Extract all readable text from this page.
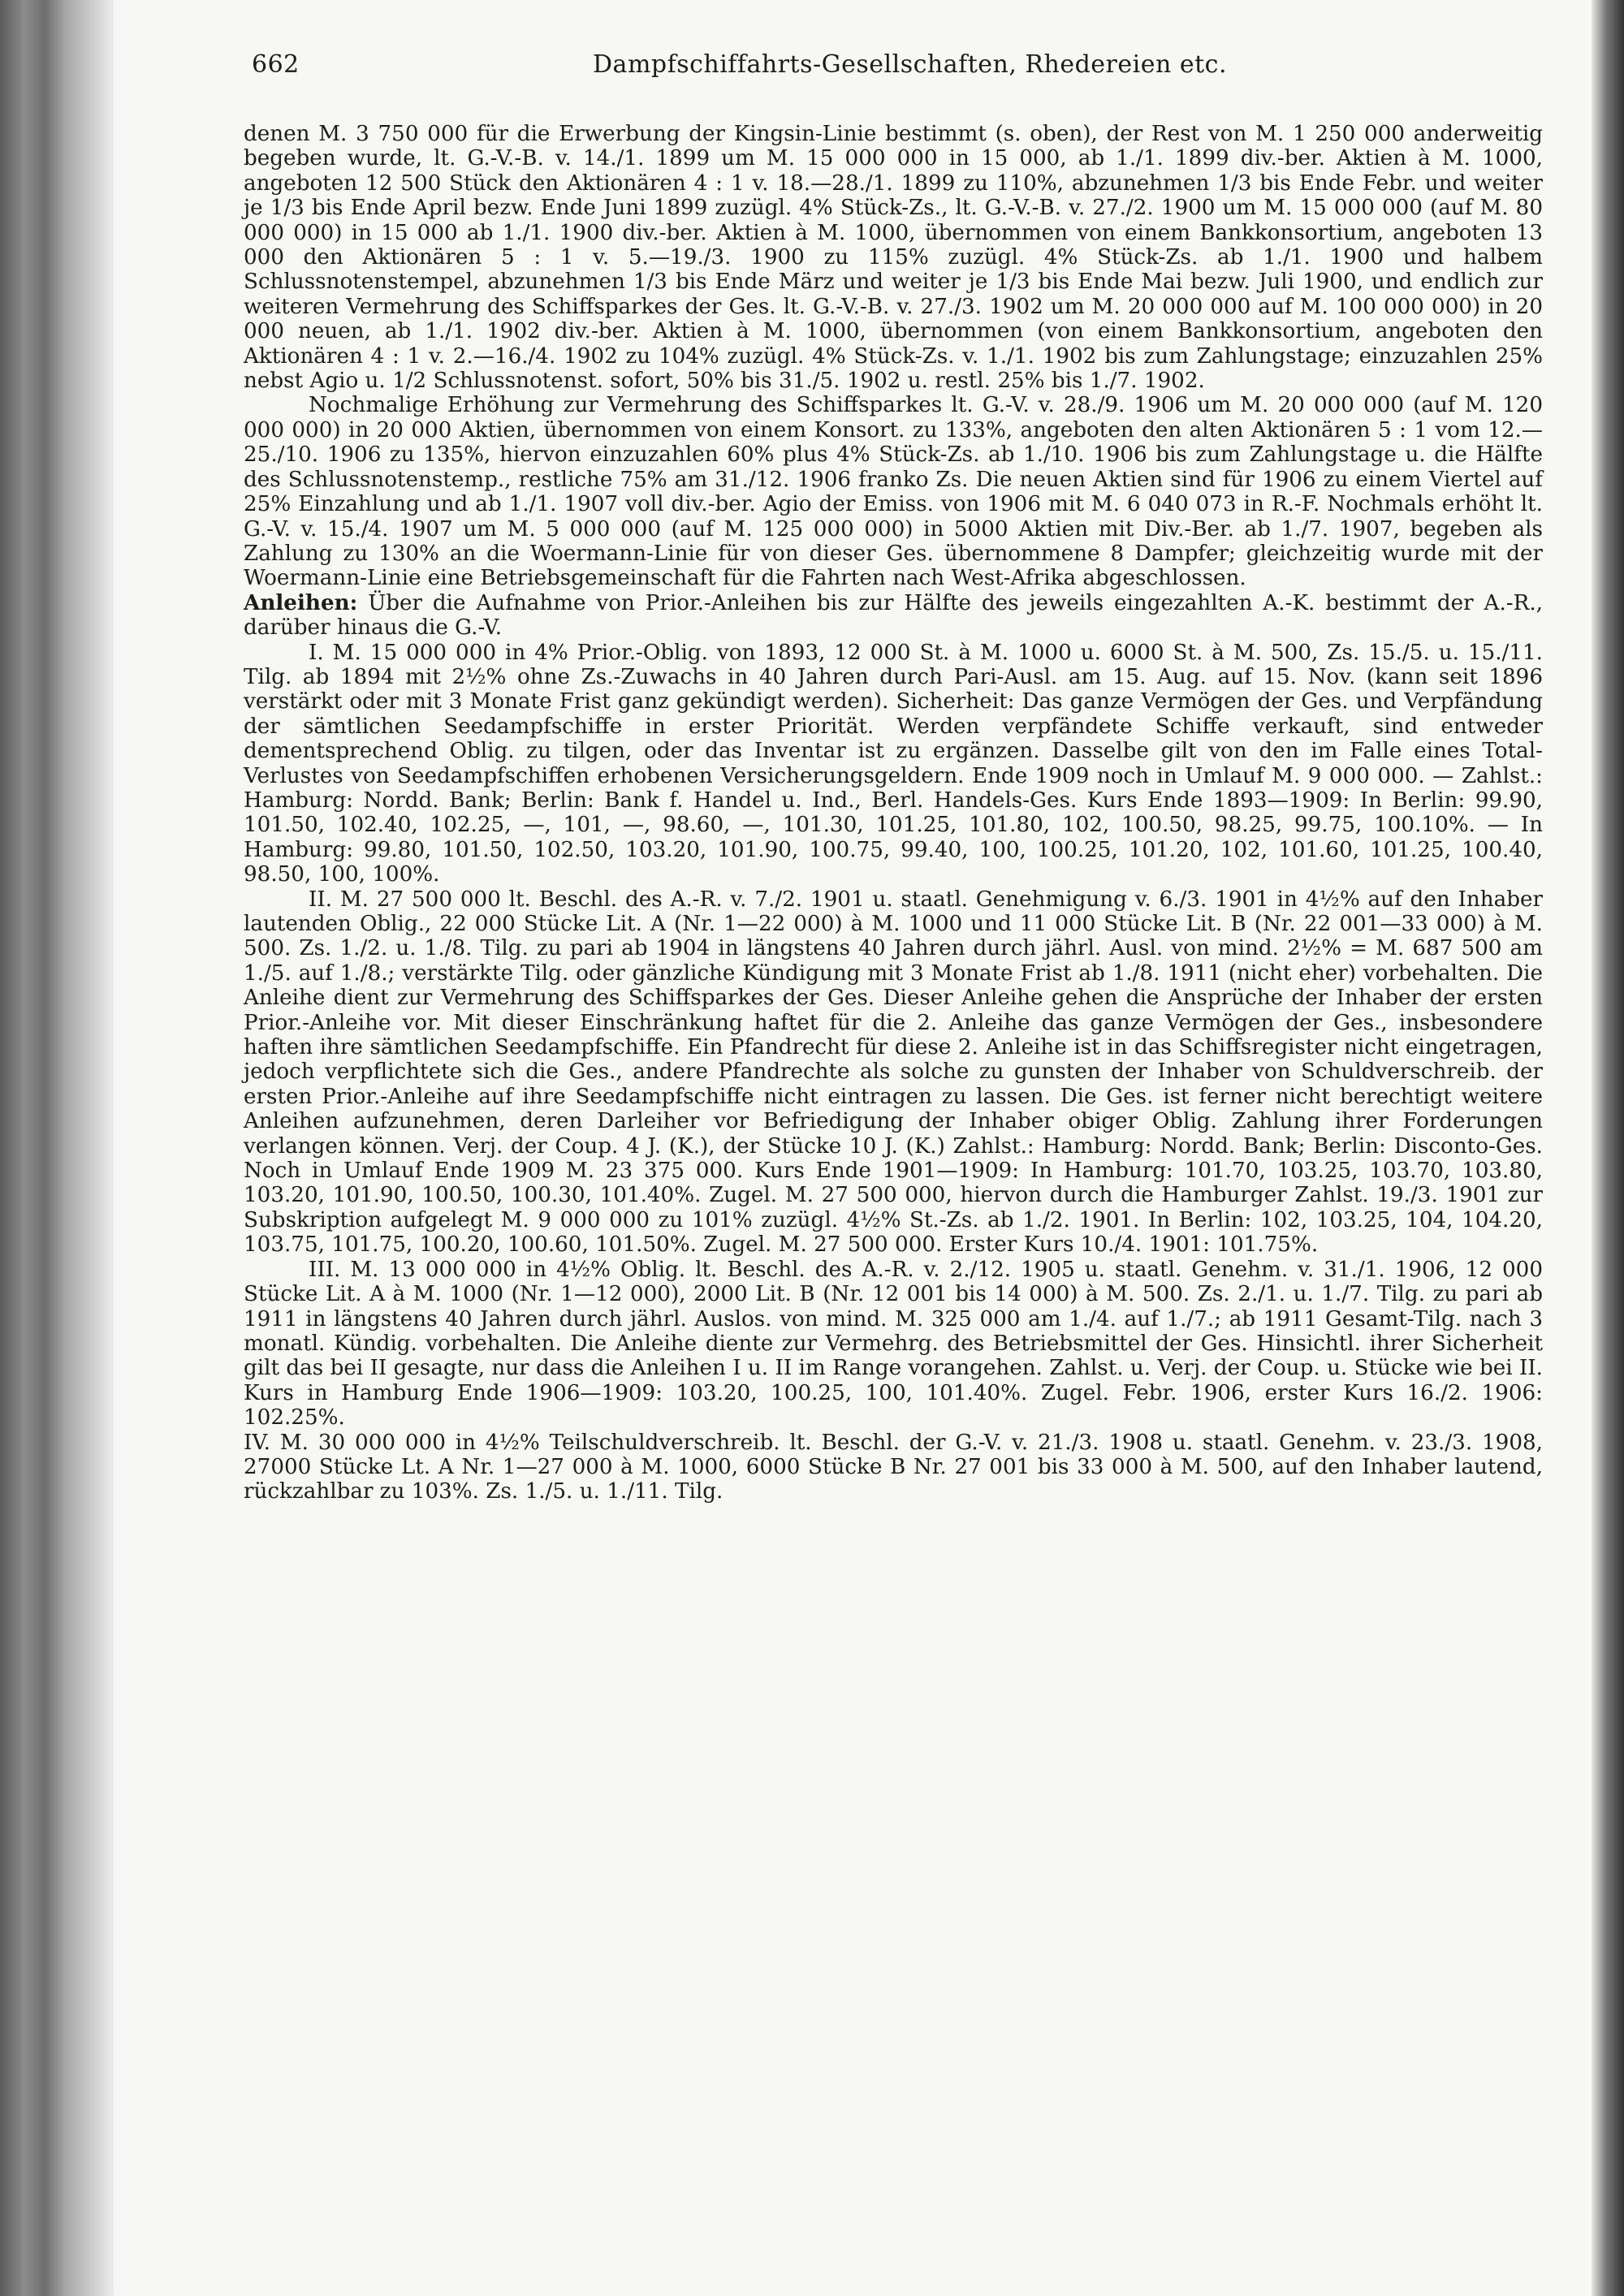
662	Dampfschiffahrts-Gesellschaften, Rhedereien etc.

denen M. 3 750 000 für die Erwerbung der Kingsin-Linie bestimmt (s. oben), der Rest von M. 1 250 000 anderweitig begeben wurde, lt. G.-V.-B. v. 14./1. 1899 um M. 15 000 000 in 15 000, ab 1./1. 1899 div.-ber. Aktien à M. 1000, angeboten 12 500 Stück den Aktionären 4 : 1 v. 18.—28./1. 1899 zu 110%, abzunehmen 1/3 bis Ende Febr. und weiter je 1/3 bis Ende April bezw. Ende Juni 1899 zuzügl. 4% Stück-Zs., lt. G.-V.-B. v. 27./2. 1900 um M. 15 000 000 (auf M. 80 000 000) in 15 000 ab 1./1. 1900 div.-ber. Aktien à M. 1000, übernommen von einem Bankkonsortium, angeboten 13 000 den Aktionären 5 : 1 v. 5.—19./3. 1900 zu 115% zuzügl. 4% Stück-Zs. ab 1./1. 1900 und halbem Schlussnotenstempel, abzunehmen 1/3 bis Ende März und weiter je 1/3 bis Ende Mai bezw. Juli 1900, und endlich zur weiteren Vermehrung des Schiffsparkes der Ges. lt. G.-V.-B. v. 27./3. 1902 um M. 20 000 000 auf M. 100 000 000) in 20 000 neuen, ab 1./1. 1902 div.-ber. Aktien à M. 1000, übernommen (von einem Bankkonsortium, angeboten den Aktionären 4 : 1 v. 2.—16./4. 1902 zu 104% zuzügl. 4% Stück-Zs. v. 1./1. 1902 bis zum Zahlungstage; einzuzahlen 25% nebst Agio u. 1/2 Schlussnotenst. sofort, 50% bis 31./5. 1902 u. restl. 25% bis 1./7. 1902.

Nochmalige Erhöhung zur Vermehrung des Schiffsparkes lt. G.-V. v. 28./9. 1906 um M. 20 000 000 (auf M. 120 000 000) in 20 000 Aktien, übernommen von einem Konsort. zu 133%, angeboten den alten Aktionären 5 : 1 vom 12.—25./10. 1906 zu 135%, hiervon einzuzahlen 60% plus 4% Stück-Zs. ab 1./10. 1906 bis zum Zahlungstage u. die Hälfte des Schlussnotenstemp., restliche 75% am 31./12. 1906 franko Zs. Die neuen Aktien sind für 1906 zu einem Viertel auf 25% Einzahlung und ab 1./1. 1907 voll div.-ber. Agio der Emiss. von 1906 mit M. 6 040 073 in R.-F. Nochmals erhöht lt. G.-V. v. 15./4. 1907 um M. 5 000 000 (auf M. 125 000 000) in 5000 Aktien mit Div.-Ber. ab 1./7. 1907, begeben als Zahlung zu 130% an die Woermann-Linie für von dieser Ges. übernommene 8 Dampfer; gleichzeitig wurde mit der Woermann-Linie eine Betriebsgemeinschaft für die Fahrten nach West-Afrika abgeschlossen.

Anleihen: Über die Aufnahme von Prior.-Anleihen bis zur Hälfte des jeweils eingezahlten A.-K. bestimmt der A.-R., darüber hinaus die G.-V.

I. M. 15 000 000 in 4% Prior.-Oblig. von 1893, 12 000 St. à M. 1000 u. 6000 St. à M. 500, Zs. 15./5. u. 15./11. Tilg. ab 1894 mit 2½% ohne Zs.-Zuwachs in 40 Jahren durch Pari-Ausl. am 15. Aug. auf 15. Nov. (kann seit 1896 verstärkt oder mit 3 Monate Frist ganz gekündigt werden). Sicherheit: Das ganze Vermögen der Ges. und Verpfändung der sämtlichen Seedampfschiffe in erster Priorität. Werden verpfändete Schiffe verkauft, sind entweder dementsprechend Oblig. zu tilgen, oder das Inventar ist zu ergänzen. Dasselbe gilt von den im Falle eines Total-Verlustes von Seedampfschiffen erhobenen Versicherungsgeldern. Ende 1909 noch in Umlauf M. 9 000 000. — Zahlst.: Hamburg: Nordd. Bank; Berlin: Bank f. Handel u. Ind., Berl. Handels-Ges. Kurs Ende 1893—1909: In Berlin: 99.90, 101.50, 102.40, 102.25, —, 101, —, 98.60, —, 101.30, 101.25, 101.80, 102, 100.50, 98.25, 99.75, 100.10%. — In Hamburg: 99.80, 101.50, 102.50, 103.20, 101.90, 100.75, 99.40, 100, 100.25, 101.20, 102, 101.60, 101.25, 100.40, 98.50, 100, 100%.

II. M. 27 500 000 lt. Beschl. des A.-R. v. 7./2. 1901 u. staatl. Genehmigung v. 6./3. 1901 in 4½% auf den Inhaber lautenden Oblig., 22 000 Stücke Lit. A (Nr. 1—22 000) à M. 1000 und 11 000 Stücke Lit. B (Nr. 22 001—33 000) à M. 500. Zs. 1./2. u. 1./8. Tilg. zu pari ab 1904 in längstens 40 Jahren durch jährl. Ausl. von mind. 2½% = M. 687 500 am 1./5. auf 1./8.; verstärkte Tilg. oder gänzliche Kündigung mit 3 Monate Frist ab 1./8. 1911 (nicht eher) vorbehalten. Die Anleihe dient zur Vermehrung des Schiffsparkes der Ges. Dieser Anleihe gehen die Ansprüche der Inhaber der ersten Prior.-Anleihe vor. Mit dieser Einschränkung haftet für die 2. Anleihe das ganze Vermögen der Ges., insbesondere haften ihre sämtlichen Seedampfschiffe. Ein Pfandrecht für diese 2. Anleihe ist in das Schiffsregister nicht eingetragen, jedoch verpflichtete sich die Ges., andere Pfandrechte als solche zu gunsten der Inhaber von Schuldverschreib. der ersten Prior.-Anleihe auf ihre Seedampfschiffe nicht eintragen zu lassen. Die Ges. ist ferner nicht berechtigt weitere Anleihen aufzunehmen, deren Darleiher vor Befriedigung der Inhaber obiger Oblig. Zahlung ihrer Forderungen verlangen können. Verj. der Coup. 4 J. (K.), der Stücke 10 J. (K.) Zahlst.: Hamburg: Nordd. Bank; Berlin: Disconto-Ges. Noch in Umlauf Ende 1909 M. 23 375 000. Kurs Ende 1901—1909: In Hamburg: 101.70, 103.25, 103.70, 103.80, 103.20, 101.90, 100.50, 100.30, 101.40%. Zugel. M. 27 500 000, hiervon durch die Hamburger Zahlst. 19./3. 1901 zur Subskription aufgelegt M. 9 000 000 zu 101% zuzügl. 4½% St.-Zs. ab 1./2. 1901. In Berlin: 102, 103.25, 104, 104.20, 103.75, 101.75, 100.20, 100.60, 101.50%. Zugel. M. 27 500 000. Erster Kurs 10./4. 1901: 101.75%.

III. M. 13 000 000 in 4½% Oblig. lt. Beschl. des A.-R. v. 2./12. 1905 u. staatl. Genehm. v. 31./1. 1906, 12 000 Stücke Lit. A à M. 1000 (Nr. 1—12 000), 2000 Lit. B (Nr. 12 001 bis 14 000) à M. 500. Zs. 2./1. u. 1./7. Tilg. zu pari ab 1911 in längstens 40 Jahren durch jährl. Auslos. von mind. M. 325 000 am 1./4. auf 1./7.; ab 1911 Gesamt-Tilg. nach 3 monatl. Kündig. vorbehalten. Die Anleihe diente zur Vermehrg. des Betriebsmittel der Ges. Hinsichtl. ihrer Sicherheit gilt das bei II gesagte, nur dass die Anleihen I u. II im Range vorangehen. Zahlst. u. Verj. der Coup. u. Stücke wie bei II. Kurs in Hamburg Ende 1906—1909: 103.20, 100.25, 100, 101.40%. Zugel. Febr. 1906, erster Kurs 16./2. 1906: 102.25%.

IV. M. 30 000 000 in 4½% Teilschuldverschreib. lt. Beschl. der G.-V. v. 21./3. 1908 u. staatl. Genehm. v. 23./3. 1908, 27000 Stücke Lt. A Nr. 1—27 000 à M. 1000, 6000 Stücke B Nr. 27 001 bis 33 000 à M. 500, auf den Inhaber lautend, rückzahlbar zu 103%. Zs. 1./5. u. 1./11. Tilg.
